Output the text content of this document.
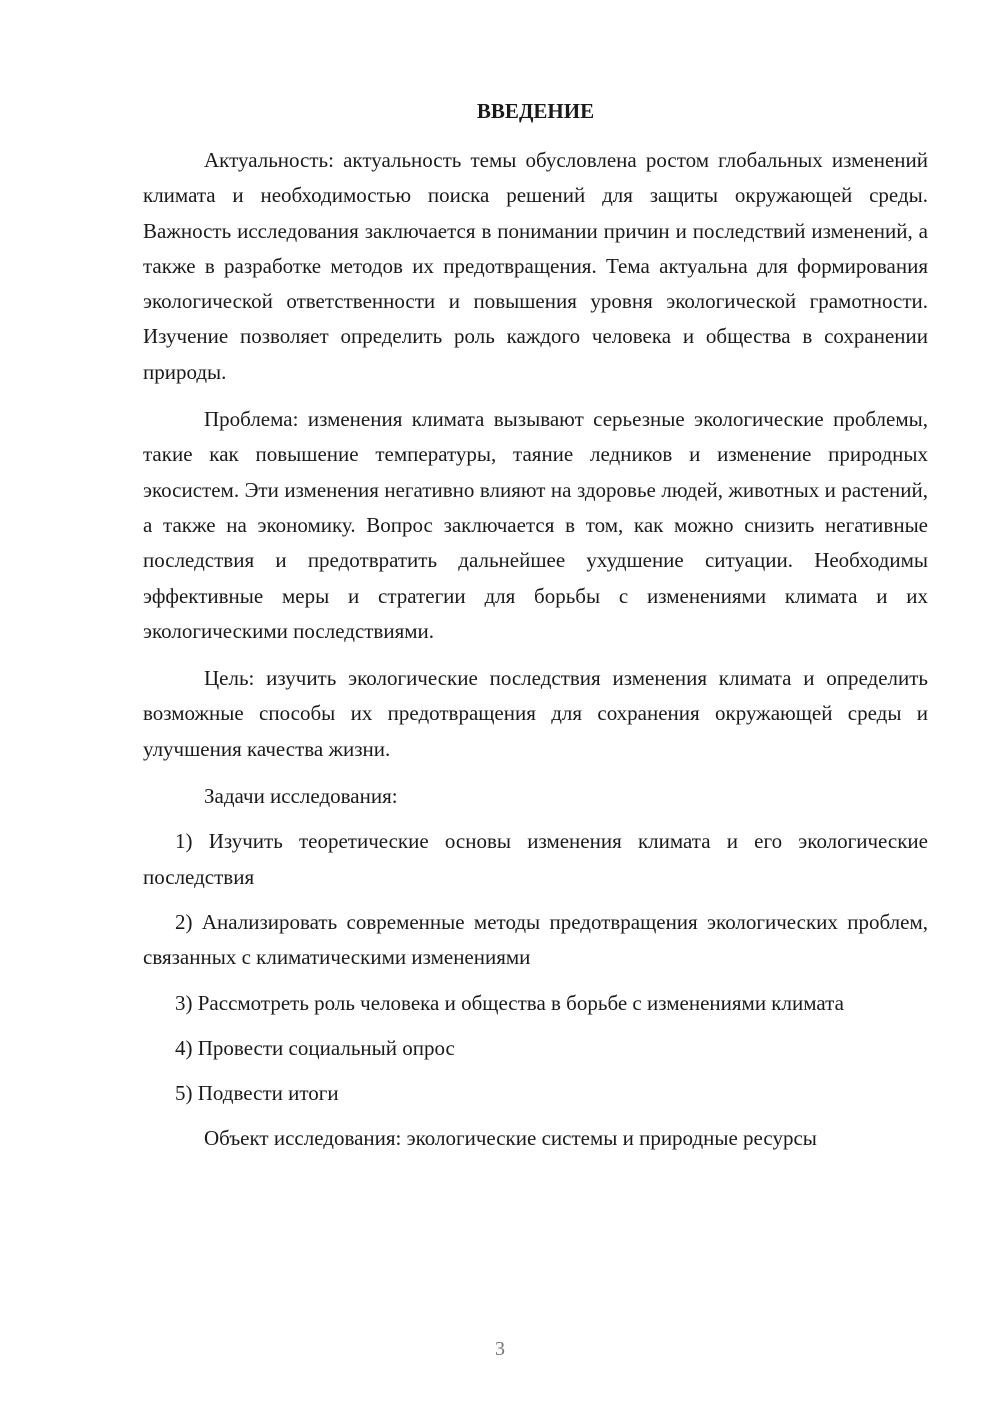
ВВЕДЕНИЕ

Актуальность: актуальность темы обусловлена ростом глобальных изменений климата и необходимостью поиска решений для защиты окружающей среды. Важность исследования заключается в понимании причин и последствий изменений, а также в разработке методов их предотвращения. Тема актуальна для формирования экологической ответственности и повышения уровня экологической грамотности. Изучение позволяет определить роль каждого человека и общества в сохранении природы.

Проблема: изменения климата вызывают серьезные экологические проблемы, такие как повышение температуры, таяние ледников и изменение природных экосистем. Эти изменения негативно влияют на здоровье людей, животных и растений, а также на экономику. Вопрос заключается в том, как можно снизить негативные последствия и предотвратить дальнейшее ухудшение ситуации. Необходимы эффективные меры и стратегии для борьбы с изменениями климата и их экологическими последствиями.

Цель: изучить экологические последствия изменения климата и определить возможные способы их предотвращения для сохранения окружающей среды и улучшения качества жизни.

Задачи исследования:

1) Изучить теоретические основы изменения климата и его экологические последствия

2) Анализировать современные методы предотвращения экологических проблем, связанных с климатическими изменениями

3) Рассмотреть роль человека и общества в борьбе с изменениями климата

4) Провести социальный опрос

5) Подвести итоги

Объект исследования: экологические системы и природные ресурсы

3
